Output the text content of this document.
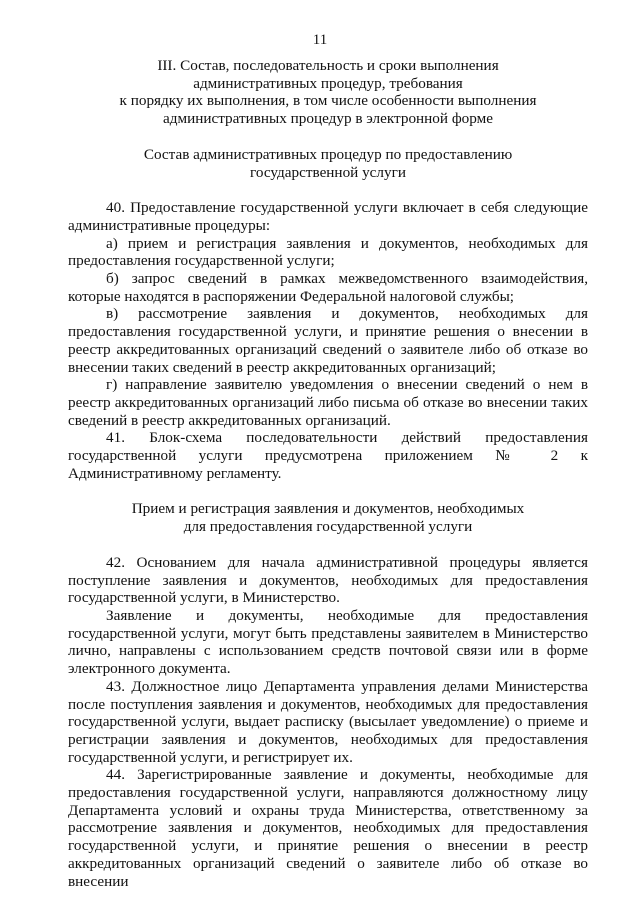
11
III. Состав, последовательность и сроки выполнения
административных процедур, требования
к порядку их выполнения, в том числе особенности выполнения
административных процедур в электронной форме
Состав административных процедур по предоставлению
государственной услуги

40. Предоставление государственной услуги включает в себя следующие административные процедуры:

а) прием и регистрация заявления и документов, необходимых для предоставления государственной услуги;

б) запрос сведений в рамках межведомственного взаимодействия, которые находятся в распоряжении Федеральной налоговой службы;

в) рассмотрение заявления и документов, необходимых для предоставления государственной услуги, и принятие решения о внесении в реестр аккредитованных организаций сведений о заявителе либо об отказе во внесении таких сведений в реестр аккредитованных организаций;

г) направление заявителю уведомления о внесении сведений о нем в реестр аккредитованных организаций либо письма об отказе во внесении таких сведений в реестр аккредитованных организаций.

41. Блок-схема последовательности действий предоставления государственной услуги предусмотрена приложением № 2 к Административному регламенту.

Прием и регистрация заявления и документов, необходимых
для предоставления государственной услуги

42. Основанием для начала административной процедуры является поступление заявления и документов, необходимых для предоставления государственной услуги, в Министерство.

Заявление и документы, необходимые для предоставления государственной услуги, могут быть представлены заявителем в Министерство лично, направлены с использованием средств почтовой связи или в форме электронного документа.

43. Должностное лицо Департамента управления делами Министерства после поступления заявления и документов, необходимых для предоставления государственной услуги, выдает расписку (высылает уведомление) о приеме и регистрации заявления и документов, необходимых для предоставления государственной услуги, и регистрирует их.

44. Зарегистрированные заявление и документы, необходимые для предоставления государственной услуги, направляются должностному лицу Департамента условий и охраны труда Министерства, ответственному за рассмотрение заявления и документов, необходимых для предоставления государственной услуги, и принятие решения о внесении в реестр аккредитованных организаций сведений о заявителе либо об отказе во внесении
